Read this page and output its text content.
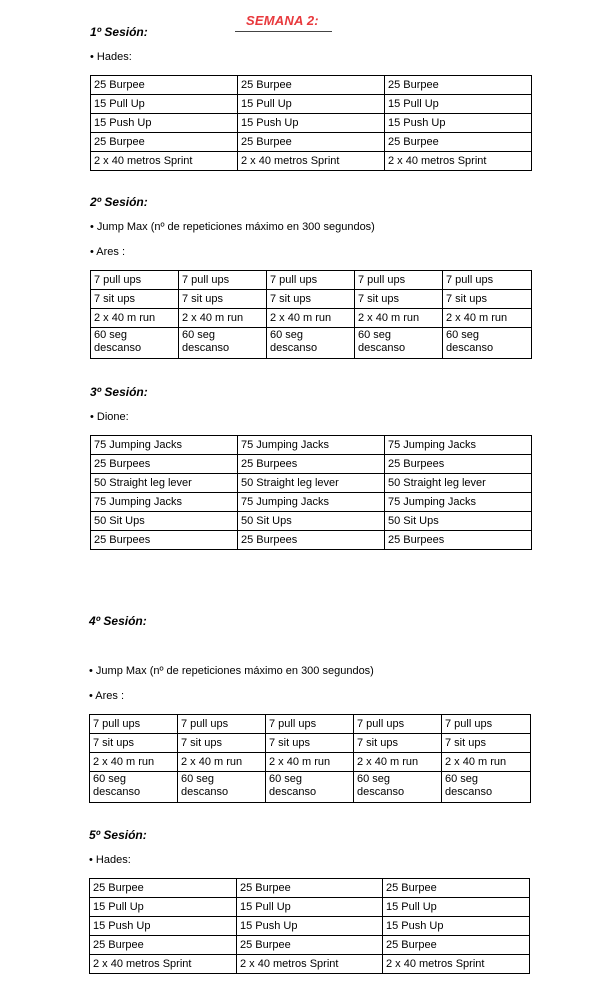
SEMANA 2:
1º Sesión:
• Hades:
25 Burpee	25 Burpee	25 Burpee
15 Pull Up	15 Pull Up	15 Pull Up
15 Push Up	15 Push Up	15 Push Up
25 Burpee	25 Burpee	25 Burpee
2 x 40 metros Sprint	2 x 40 metros Sprint	2 x 40 metros Sprint
2º Sesión:
• Jump Max (nº de repeticiones máximo en 300 segundos)
• Ares :
7 pull ups	7 pull ups	7 pull ups	7 pull ups	7 pull ups
7 sit ups	7 sit ups	7 sit ups	7 sit ups	7 sit ups
2 x 40 m run	2 x 40 m run	2 x 40 m run	2 x 40 m run	2 x 40 m run
60 seg descanso	60 seg descanso	60 seg descanso	60 seg descanso	60 seg descanso
3º Sesión:
• Dione:
75 Jumping Jacks	75 Jumping Jacks	75 Jumping Jacks
25 Burpees	25 Burpees	25 Burpees
50 Straight leg lever	50 Straight leg lever	50 Straight leg lever
75 Jumping Jacks	75 Jumping Jacks	75 Jumping Jacks
50 Sit Ups	50 Sit Ups	50 Sit Ups
25 Burpees	25 Burpees	25 Burpees
4º Sesión:
• Jump Max (nº de repeticiones máximo en 300 segundos)
• Ares :
7 pull ups	7 pull ups	7 pull ups	7 pull ups	7 pull ups
7 sit ups	7 sit ups	7 sit ups	7 sit ups	7 sit ups
2 x 40 m run	2 x 40 m run	2 x 40 m run	2 x 40 m run	2 x 40 m run
60 seg descanso	60 seg descanso	60 seg descanso	60 seg descanso	60 seg descanso
5º Sesión:
• Hades:
25 Burpee	25 Burpee	25 Burpee
15 Pull Up	15 Pull Up	15 Pull Up
15 Push Up	15 Push Up	15 Push Up
25 Burpee	25 Burpee	25 Burpee
2 x 40 metros Sprint	2 x 40 metros Sprint	2 x 40 metros Sprint
